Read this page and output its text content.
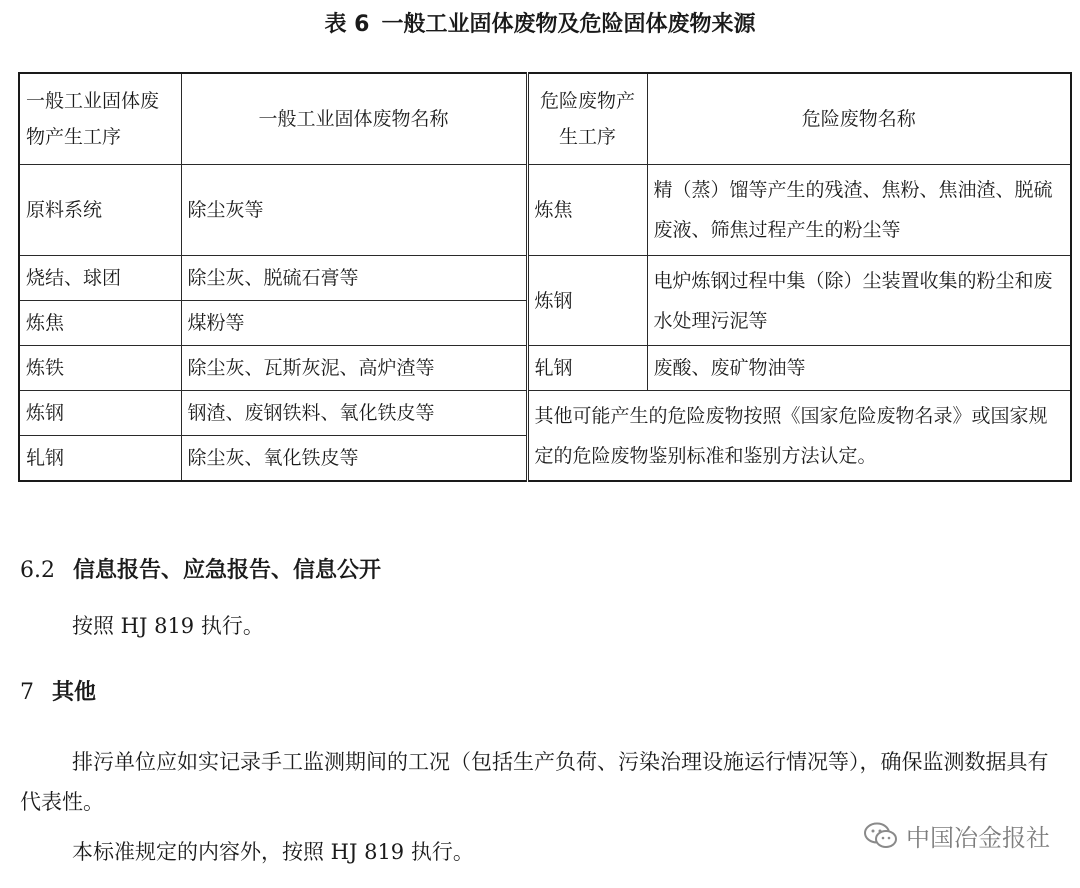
表 6 一般工业固体废物及危险固体废物来源
一般工业固体废物产生工序	一般工业固体废物名称	危险废物产生工序	危险废物名称
原料系统	除尘灰等	炼焦	精（蒸）馏等产生的残渣、焦粉、焦油渣、脱硫废液、筛焦过程产生的粉尘等
烧结、球团	除尘灰、脱硫石膏等	炼钢	电炉炼钢过程中集（除）尘装置收集的粉尘和废水处理污泥等
炼焦	煤粉等		
炼铁	除尘灰、瓦斯灰泥、高炉渣等	轧钢	废酸、废矿物油等
炼钢	钢渣、废钢铁料、氧化铁皮等	其他可能产生的危险废物按照《国家危险废物名录》或国家规定的危险废物鉴别标准和鉴别方法认定。	
轧钢	除尘灰、氧化铁皮等		
6.2 信息报告、应急报告、信息公开
按照 HJ 819 执行。
7 其他
排污单位应如实记录手工监测期间的工况（包括生产负荷、污染治理设施运行情况等），确保监测数据具有代表性。
本标准规定的内容外，按照 HJ 819 执行。	中国冶金报社
